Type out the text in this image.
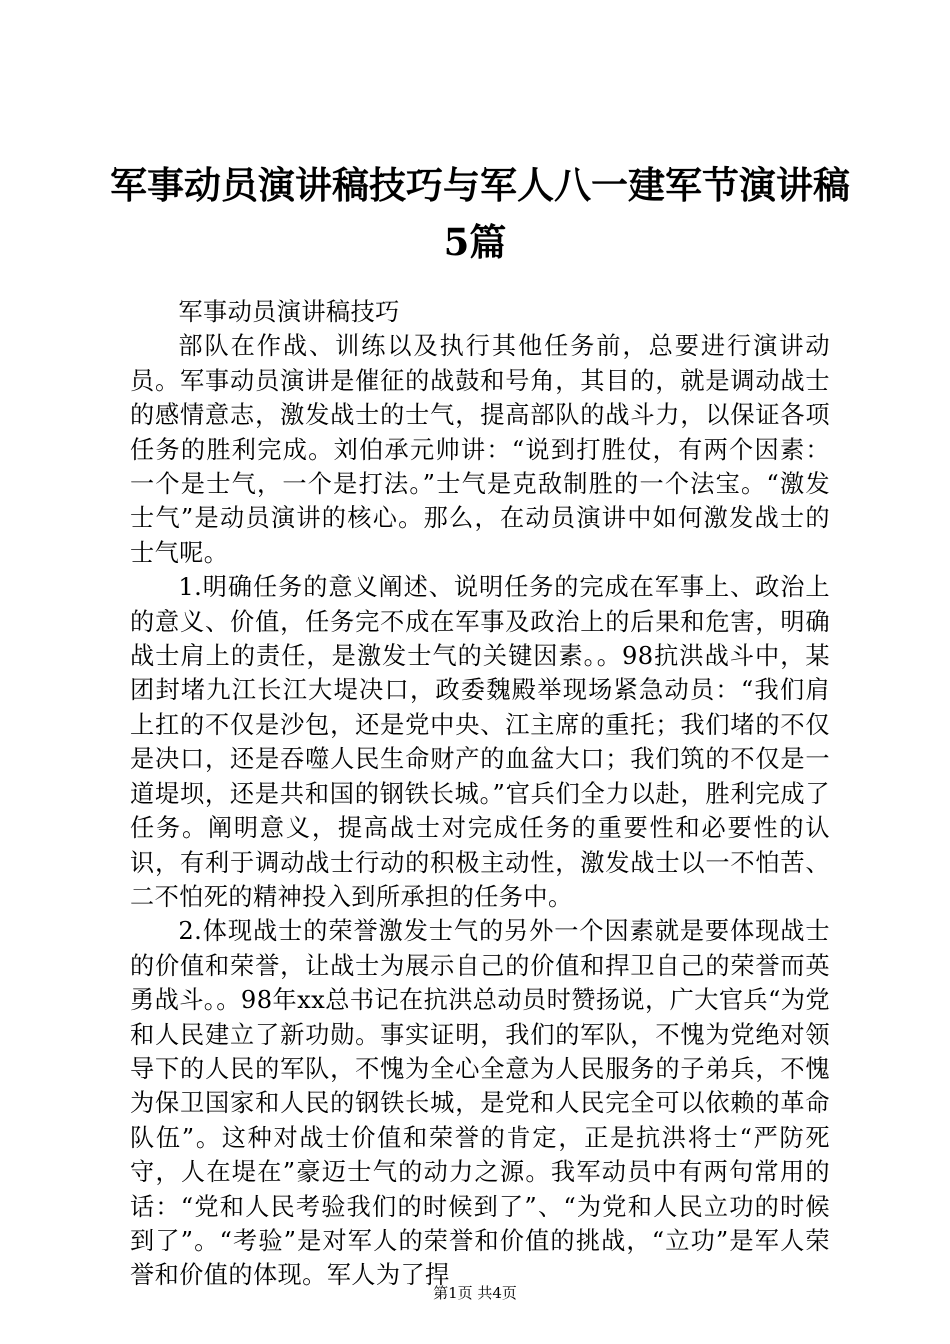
军事动员演讲稿技巧与军人八一建军节演讲稿
5篇

军事动员演讲稿技巧

部队在作战、训练以及执行其他任务前，总要进行演讲动员。军事动员演讲是催征的战鼓和号角，其目的，就是调动战士的感情意志，激发战士的士气，提高部队的战斗力，以保证各项任务的胜利完成。刘伯承元帅讲：“说到打胜仗，有两个因素：一个是士气，一个是打法。”士气是克敌制胜的一个法宝。“激发士气”是动员演讲的核心。那么，在动员演讲中如何激发战士的士气呢。

1.明确任务的意义阐述、说明任务的完成在军事上、政治上的意义、价值，任务完不成在军事及政治上的后果和危害，明确战士肩上的责任，是激发士气的关键因素。。98抗洪战斗中，某团封堵九江长江大堤决口，政委魏殿举现场紧急动员：“我们肩上扛的不仅是沙包，还是党中央、江主席的重托；我们堵的不仅是决口，还是吞噬人民生命财产的血盆大口；我们筑的不仅是一道堤坝，还是共和国的钢铁长城。”官兵们全力以赴，胜利完成了任务。阐明意义，提高战士对完成任务的重要性和必要性的认识，有利于调动战士行动的积极主动性，激发战士以一不怕苦、二不怕死的精神投入到所承担的任务中。

2.体现战士的荣誉激发士气的另外一个因素就是要体现战士的价值和荣誉，让战士为展示自己的价值和捍卫自己的荣誉而英勇战斗。。98年xx总书记在抗洪总动员时赞扬说，广大官兵“为党和人民建立了新功勋。事实证明，我们的军队，不愧为党绝对领导下的人民的军队，不愧为全心全意为人民服务的子弟兵，不愧为保卫国家和人民的钢铁长城，是党和人民完全可以依赖的革命队伍”。这种对战士价值和荣誉的肯定，正是抗洪将士“严防死守，人在堤在”豪迈士气的动力之源。我军动员中有两句常用的话：“党和人民考验我们的时候到了”、“为党和人民立功的时候到了”。“考验”是对军人的荣誉和价值的挑战，“立功”是军人荣誉和价值的体现。军人为了捍

第1页 共4页
